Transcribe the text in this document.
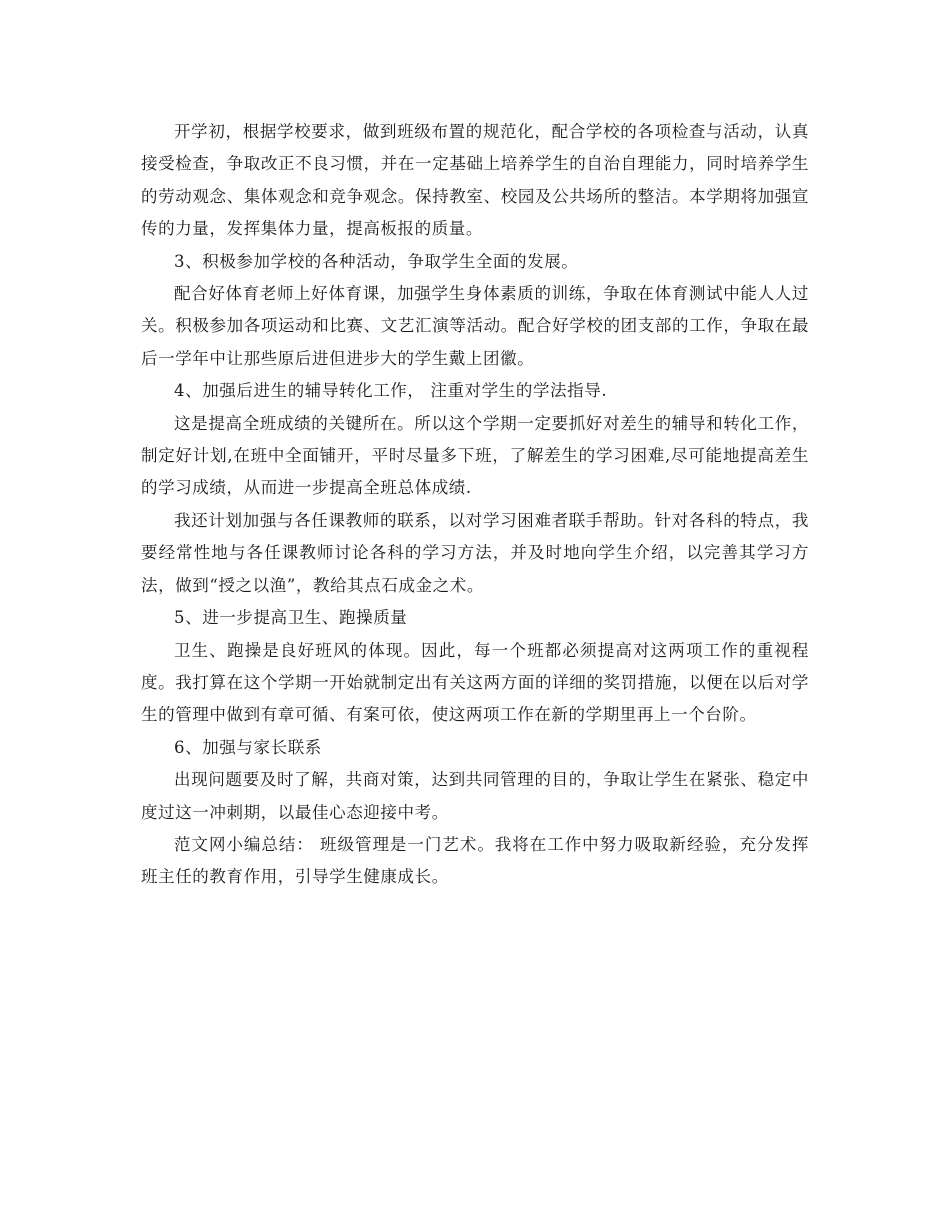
开学初，根据学校要求，做到班级布置的规范化，配合学校的各项检查与活动，认真接受检查，争取改正不良习惯，并在一定基础上培养学生的自治自理能力，同时培养学生的劳动观念、集体观念和竞争观念。保持教室、校园及公共场所的整洁。本学期将加强宣传的力量，发挥集体力量，提高板报的质量。

3、积极参加学校的各种活动，争取学生全面的发展。

配合好体育老师上好体育课，加强学生身体素质的训练，争取在体育测试中能人人过关。积极参加各项运动和比赛、文艺汇演等活动。配合好学校的团支部的工作，争取在最后一学年中让那些原后进但进步大的学生戴上团徽。

4、加强后进生的辅导转化工作， 注重对学生的学法指导.

这是提高全班成绩的关键所在。所以这个学期一定要抓好对差生的辅导和转化工作，制定好计划,在班中全面铺开，平时尽量多下班，了解差生的学习困难,尽可能地提高差生的学习成绩，从而进一步提高全班总体成绩.

我还计划加强与各任课教师的联系，以对学习困难者联手帮助。针对各科的特点，我要经常性地与各任课教师讨论各科的学习方法，并及时地向学生介绍，以完善其学习方法，做到“授之以渔”，教给其点石成金之术。

5、进一步提高卫生、跑操质量

卫生、跑操是良好班风的体现。因此，每一个班都必须提高对这两项工作的重视程度。我打算在这个学期一开始就制定出有关这两方面的详细的奖罚措施，以便在以后对学生的管理中做到有章可循、有案可依，使这两项工作在新的学期里再上一个台阶。

6、加强与家长联系

出现问题要及时了解，共商对策，达到共同管理的目的，争取让学生在紧张、稳定中度过这一冲刺期，以最佳心态迎接中考。

范文网小编总结： 班级管理是一门艺术。我将在工作中努力吸取新经验，充分发挥班主任的教育作用，引导学生健康成长。
